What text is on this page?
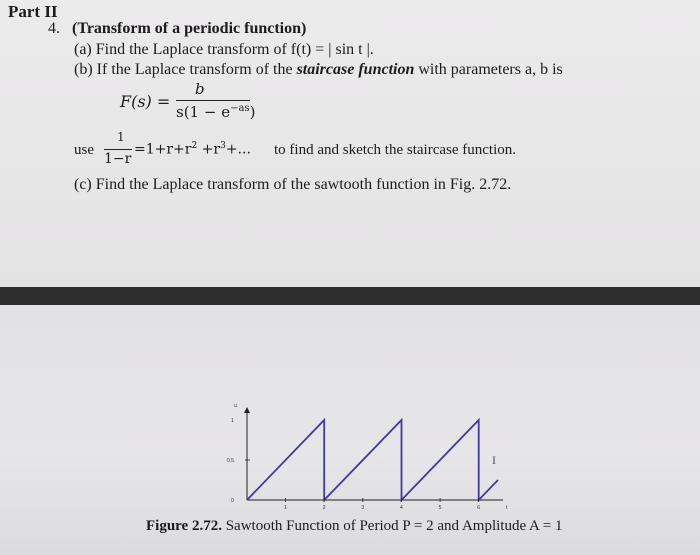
Part II
4. (Transform of a periodic function)
(a) Find the Laplace transform of f(t) = | sin t |.
(b) If the Laplace transform of the staircase function with parameters a, b is
F(s) =
b
$s(1 - e^{-as})$
use
1
1−r
$=1+r+r^2 +r^3+$... to find and sketch the staircase function.
(c) Find the Laplace transform of the sawtooth function in Fig. 2.72.
1	2	3	4	5	6
u
1
0.5
0
t
I
Figure 2.72. Sawtooth Function of Period P = 2 and Amplitude A = 1
